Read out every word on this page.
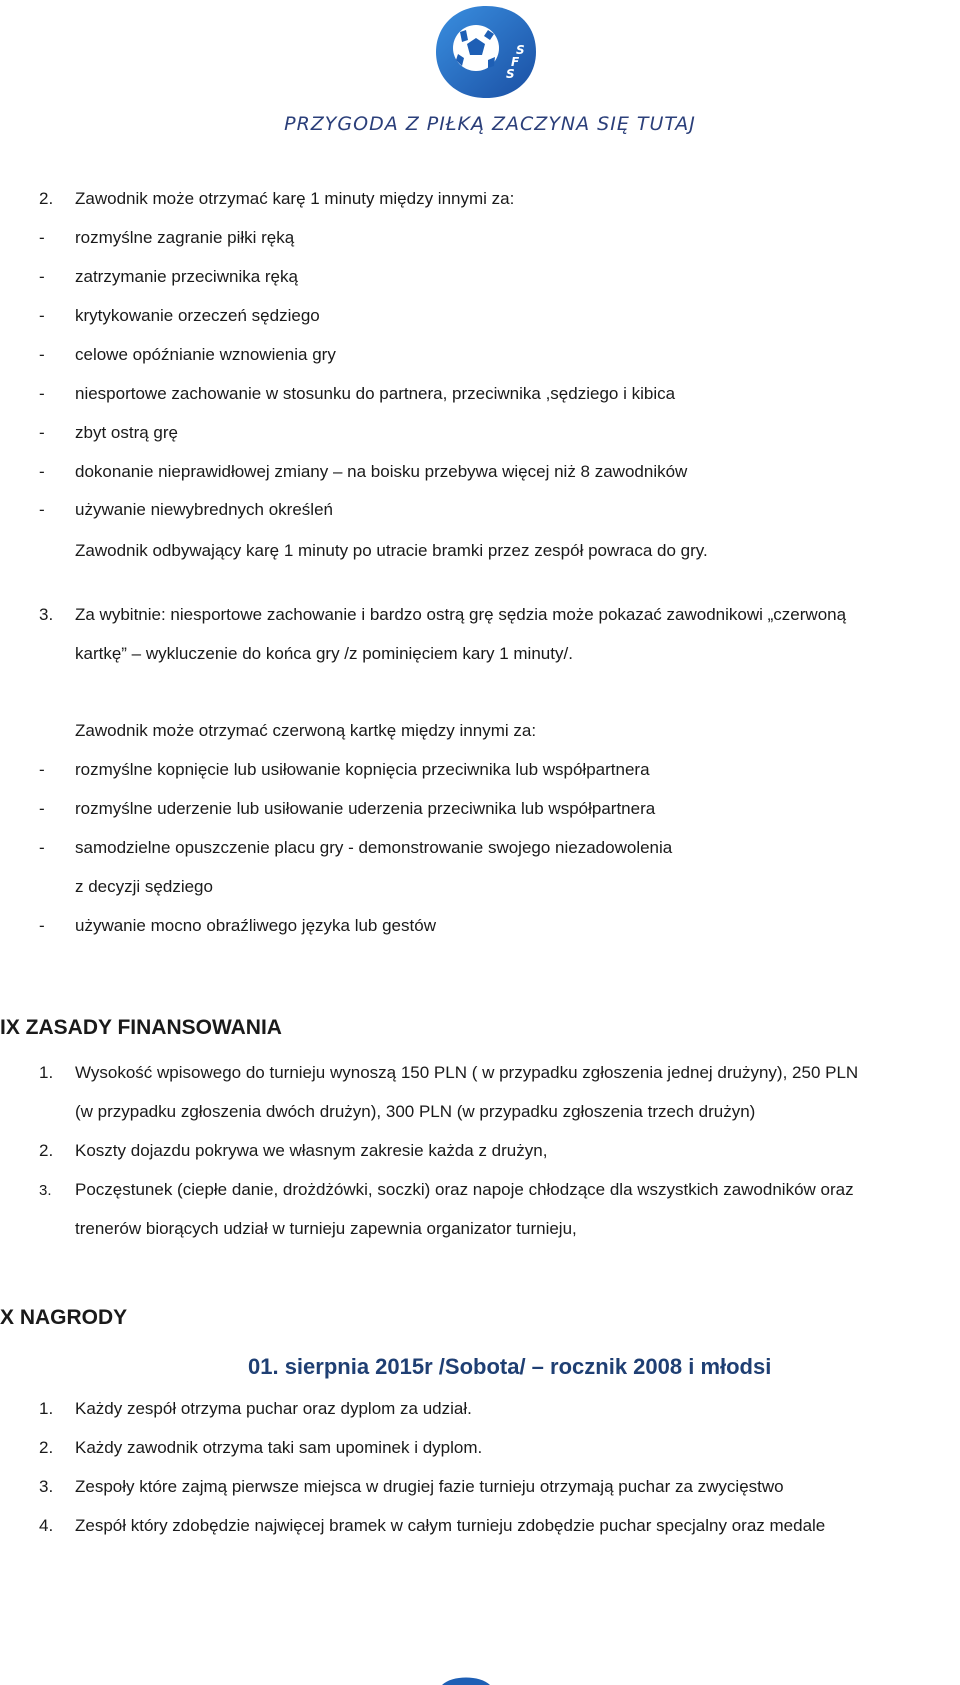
S
F
S
PRZYGODA Z PIŁKĄ ZACZYNA SIĘ TUTAJ
2. Zawodnik może otrzymać karę 1 minuty między innymi za:
- rozmyślne zagranie piłki ręką
- zatrzymanie przeciwnika ręką
- krytykowanie orzeczeń sędziego
- celowe opóźnianie wznowienia gry
- niesportowe zachowanie w stosunku do partnera, przeciwnika ,sędziego i kibica
- zbyt ostrą grę
- dokonanie nieprawidłowej zmiany – na boisku przebywa więcej niż 8 zawodników
- używanie niewybrednych określeń
Zawodnik odbywający karę 1 minuty po utracie bramki przez zespół powraca do gry.
3. Za wybitnie: niesportowe zachowanie i bardzo ostrą grę sędzia może pokazać zawodnikowi „czerwoną
kartkę” – wykluczenie do końca gry /z pominięciem kary 1 minuty/.
Zawodnik może otrzymać czerwoną kartkę między innymi za:
- rozmyślne kopnięcie lub usiłowanie kopnięcia przeciwnika lub współpartnera
- rozmyślne uderzenie lub usiłowanie uderzenia przeciwnika lub współpartnera
- samodzielne opuszczenie placu gry - demonstrowanie swojego niezadowolenia
z decyzji sędziego
- używanie mocno obraźliwego języka lub gestów
IX ZASADY FINANSOWANIA
1. Wysokość wpisowego do turnieju wynoszą 150 PLN ( w przypadku zgłoszenia jednej drużyny), 250 PLN
(w przypadku zgłoszenia dwóch drużyn), 300 PLN (w przypadku zgłoszenia trzech drużyn)
2. Koszty dojazdu pokrywa we własnym zakresie każda z drużyn,
3. Poczęstunek (ciepłe danie, drożdżówki, soczki) oraz napoje chłodzące dla wszystkich zawodników oraz
trenerów biorących udział w turnieju zapewnia organizator turnieju,
X NAGRODY
01. sierpnia 2015r /Sobota/ – rocznik 2008 i młodsi
1. Każdy zespół otrzyma puchar oraz dyplom za udział.
2. Każdy zawodnik otrzyma taki sam upominek i dyplom.
3. Zespoły które zajmą pierwsze miejsca w drugiej fazie turnieju otrzymają puchar za zwycięstwo
4. Zespół który zdobędzie najwięcej bramek w całym turnieju zdobędzie puchar specjalny oraz medale
